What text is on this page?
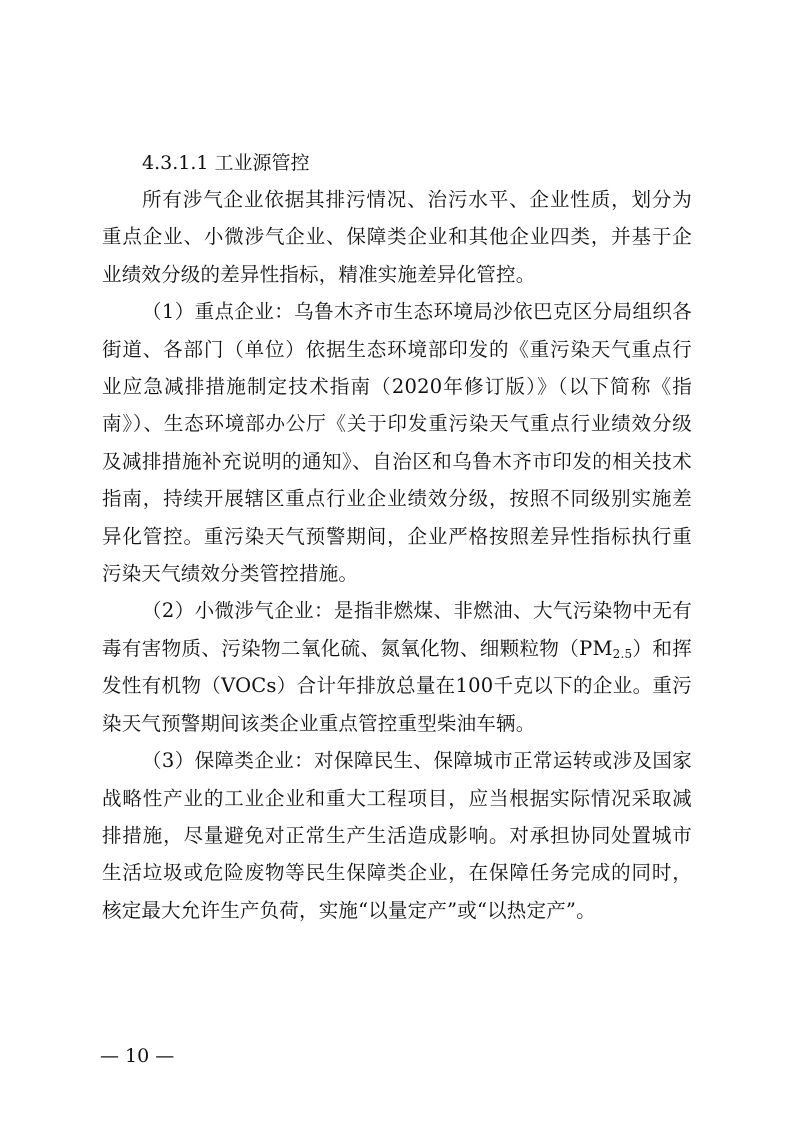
4.3.1.1 工业源管控

所有涉气企业依据其排污情况、治污水平、企业性质，划分为重点企业、小微涉气企业、保障类企业和其他企业四类，并基于企业绩效分级的差异性指标，精准实施差异化管控。

（1）重点企业：乌鲁木齐市生态环境局沙依巴克区分局组织各街道、各部门（单位）依据生态环境部印发的《重污染天气重点行业应急减排措施制定技术指南（2020年修订版）》（以下简称《指南》）、生态环境部办公厅《关于印发重污染天气重点行业绩效分级及减排措施补充说明的通知》、自治区和乌鲁木齐市印发的相关技术指南，持续开展辖区重点行业企业绩效分级，按照不同级别实施差异化管控。重污染天气预警期间，企业严格按照差异性指标执行重污染天气绩效分类管控措施。

（2）小微涉气企业：是指非燃煤、非燃油、大气污染物中无有毒有害物质、污染物二氧化硫、氮氧化物、细颗粒物$(PM_{2.5})$和挥发性有机物（VOCs）合计年排放总量在100千克以下的企业。重污染天气预警期间该类企业重点管控重型柴油车辆。

（3）保障类企业：对保障民生、保障城市正常运转或涉及国家战略性产业的工业企业和重大工程项目，应当根据实际情况采取减排措施，尽量避免对正常生产生活造成影响。对承担协同处置城市生活垃圾或危险废物等民生保障类企业，在保障任务完成的同时，核定最大允许生产负荷，实施“以量定产”或“以热定产”。

— 10 —
